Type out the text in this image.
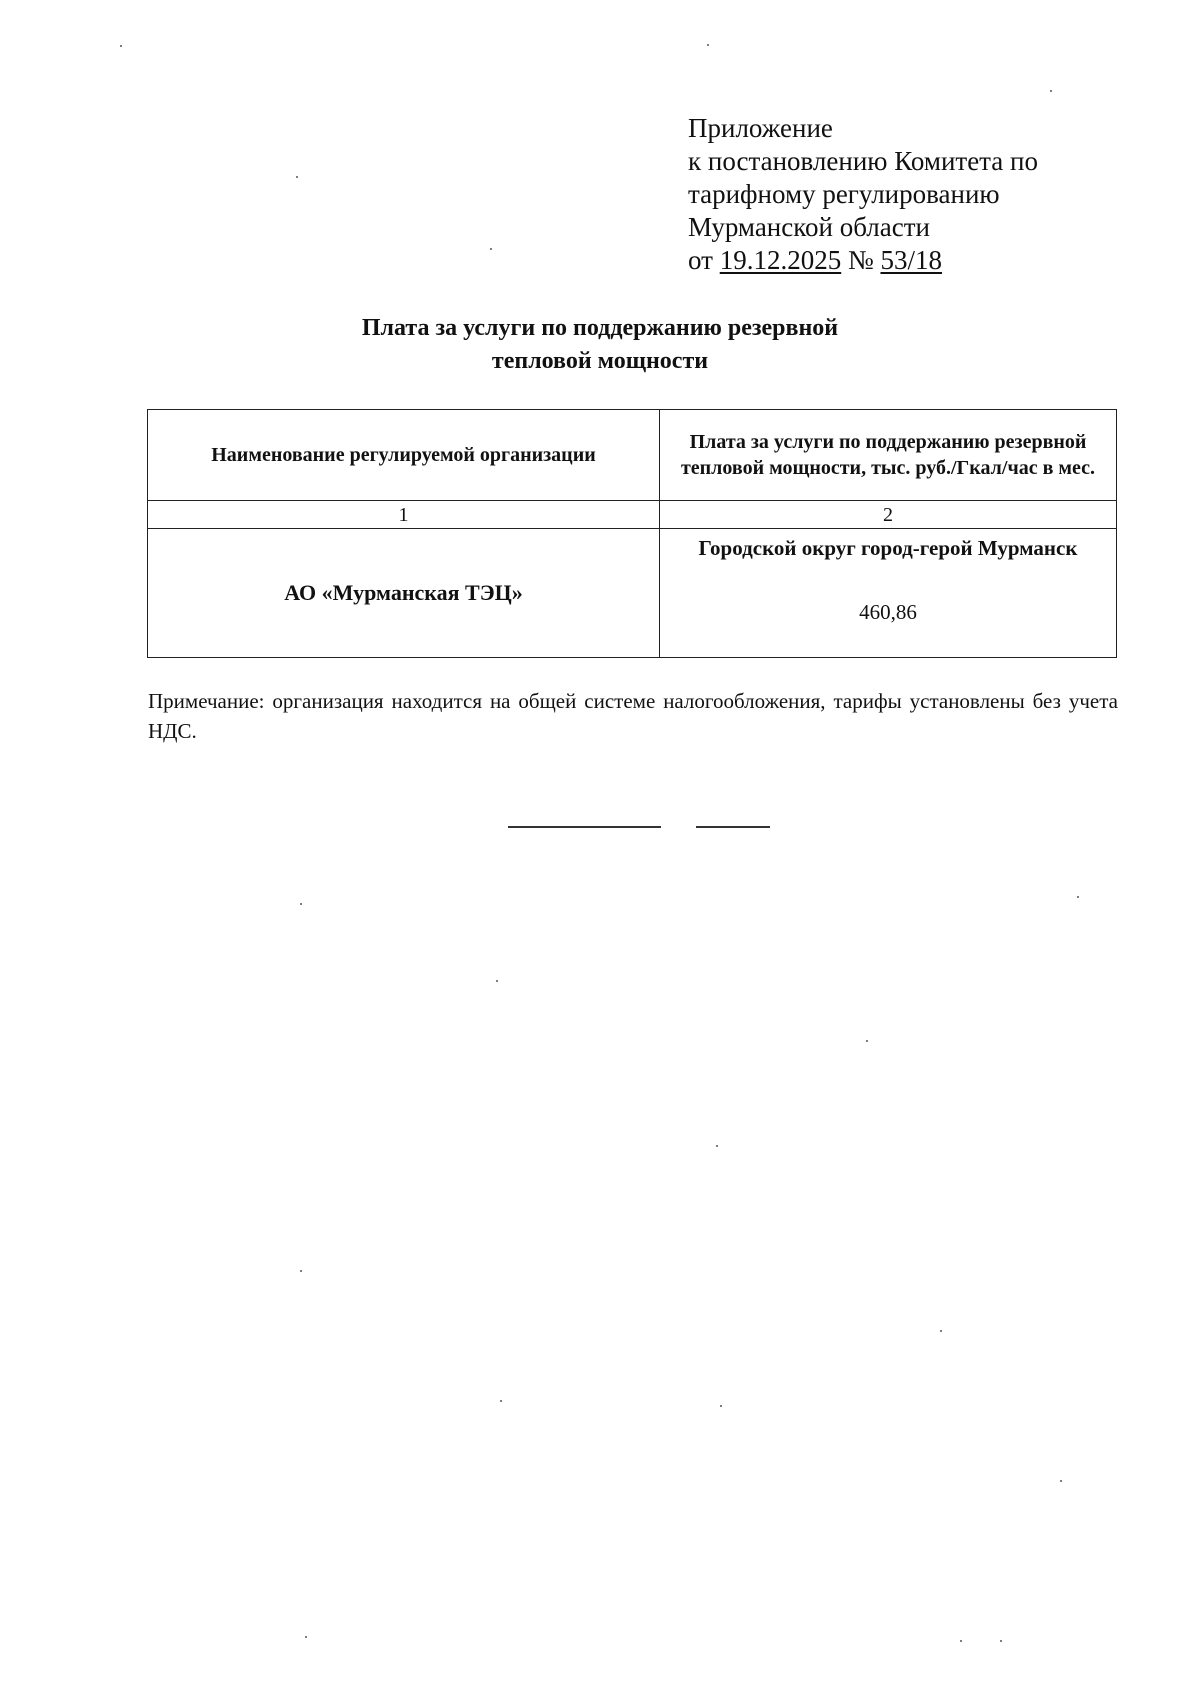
Приложение
к постановлению Комитета по
тарифному регулированию
Мурманской области
от 19.12.2025 № 53/18
Плата за услуги по поддержанию резервной
тепловой мощности
Наименование регулируемой организации	Плата за услуги по поддержанию резервной тепловой мощности, тыс. руб./Гкал/час в мес.
1	2
АО «Мурманская ТЭЦ»	Городской округ город-герой Мурманск
	460,86
Примечание: организация находится на общей системе налогообложения, тарифы установлены без учета НДС.
